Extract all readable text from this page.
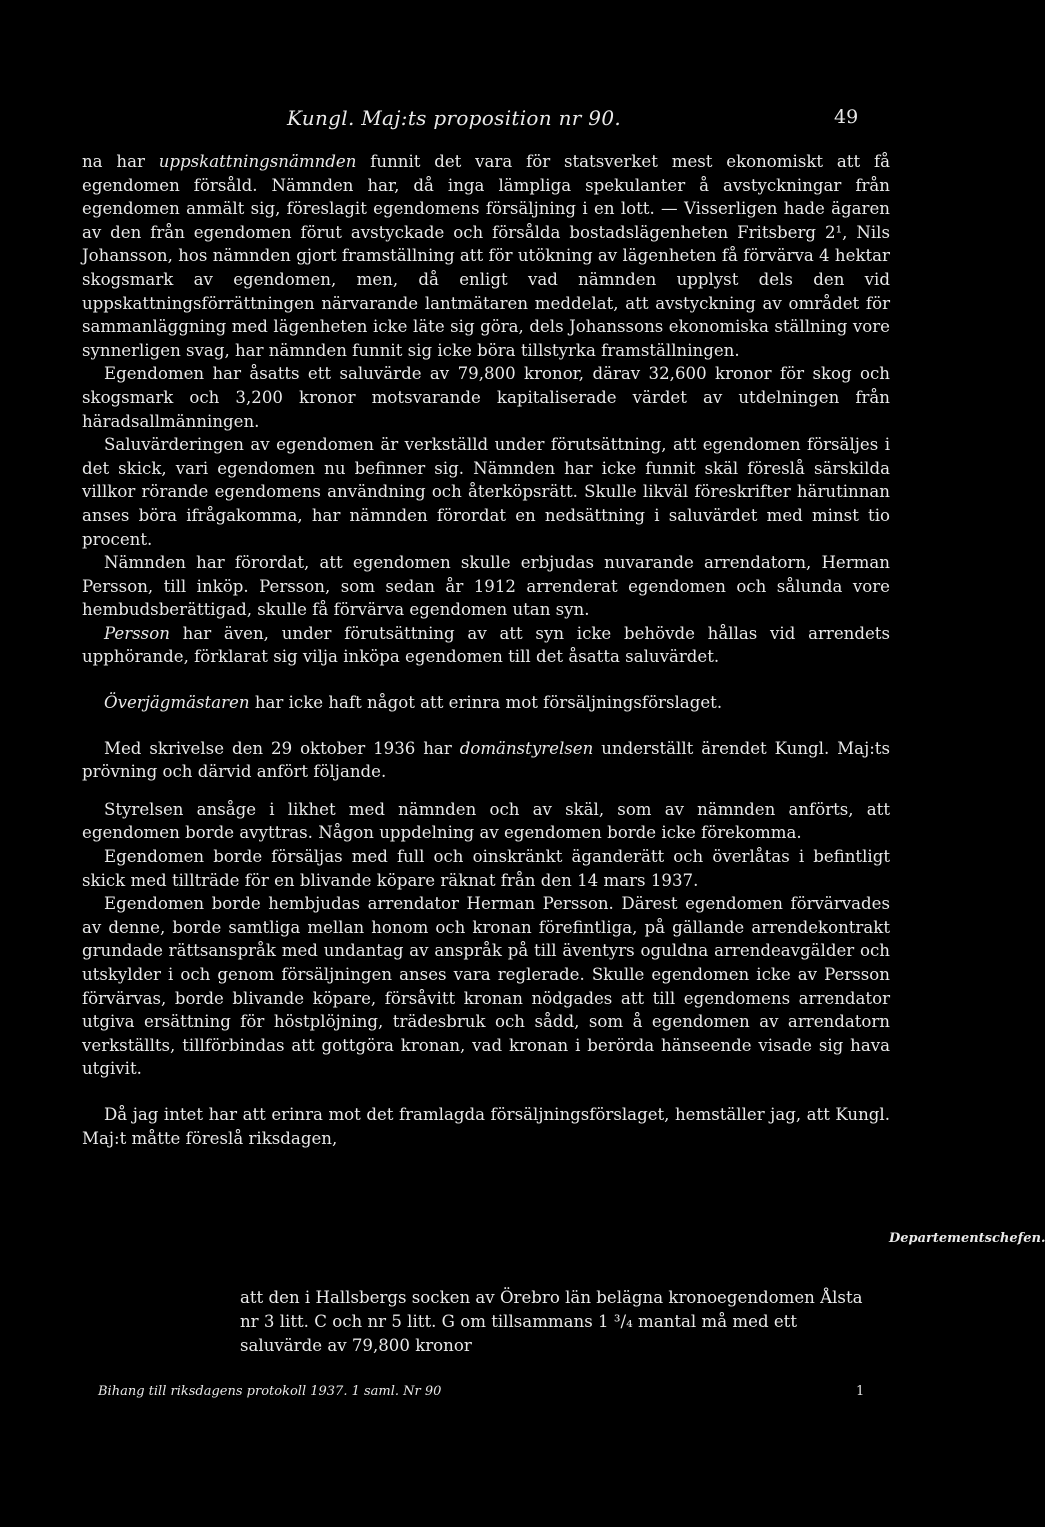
Kungl. Maj:ts proposition nr 90.	49

na har uppskattningsnämnden funnit det vara för statsverket mest ekonomiskt att få egendomen försåld. Nämnden har, då inga lämpliga spekulanter å avstyckningar från egendomen anmält sig, föreslagit egendomens försäljning i en lott. — Visserligen hade ägaren av den från egendomen förut avstyckade och försålda bostadslägenheten Fritsberg 2¹, Nils Johansson, hos nämnden gjort framställning att för utökning av lägenheten få förvärva 4 hektar skogsmark av egendomen, men, då enligt vad nämnden upplyst dels den vid uppskattningsförrättningen närvarande lantmätaren meddelat, att avstyckning av området för sammanläggning med lägenheten icke läte sig göra, dels Johanssons ekonomiska ställning vore synnerligen svag, har nämnden funnit sig icke böra tillstyrka framställningen.

Egendomen har åsatts ett saluvärde av 79,800 kronor, därav 32,600 kronor för skog och skogsmark och 3,200 kronor motsvarande kapitaliserade värdet av utdelningen från häradsallmänningen.

Saluvärderingen av egendomen är verkställd under förutsättning, att egendomen försäljes i det skick, vari egendomen nu befinner sig. Nämnden har icke funnit skäl föreslå särskilda villkor rörande egendomens användning och återköpsrätt. Skulle likväl föreskrifter härutinnan anses böra ifrågakomma, har nämnden förordat en nedsättning i saluvärdet med minst tio procent.

Nämnden har förordat, att egendomen skulle erbjudas nuvarande arrendatorn, Herman Persson, till inköp. Persson, som sedan år 1912 arrenderat egendomen och sålunda vore hembudsberättigad, skulle få förvärva egendomen utan syn.

Persson har även, under förutsättning av att syn icke behövde hållas vid arrendets upphörande, förklarat sig vilja inköpa egendomen till det åsatta saluvärdet.

Överjägmästaren har icke haft något att erinra mot försäljningsförslaget.

Med skrivelse den 29 oktober 1936 har domänstyrelsen underställt ärendet Kungl. Maj:ts prövning och därvid anfört följande.

Styrelsen ansåge i likhet med nämnden och av skäl, som av nämnden anförts, att egendomen borde avyttras. Någon uppdelning av egendomen borde icke förekomma.

Egendomen borde försäljas med full och oinskränkt äganderätt och överlåtas i befintligt skick med tillträde för en blivande köpare räknat från den 14 mars 1937.

Egendomen borde hembjudas arrendator Herman Persson. Därest egendomen förvärvades av denne, borde samtliga mellan honom och kronan förefintliga, på gällande arrendekontrakt grundade rättsanspråk med undantag av anspråk på till äventyrs oguldna arrendeavgälder och utskylder i och genom försäljningen anses vara reglerade. Skulle egendomen icke av Persson förvärvas, borde blivande köpare, försåvitt kronan nödgades att till egendomens arrendator utgiva ersättning för höstplöjning, trädesbruk och sådd, som å egendomen av arrendatorn verkställts, tillförbindas att gottgöra kronan, vad kronan i berörda hänseende visade sig hava utgivit.

Då jag intet har att erinra mot det framlagda försäljningsförslaget, hemställer jag, att Kungl. Maj:t måtte föreslå riksdagen,

Departementschefen.
att den i Hallsbergs socken av Örebro län belägna kronoegendomen Ålsta nr 3 litt. C och nr 5 litt. G om tillsammans 1 ³/₄ mantal må med ett saluvärde av 79,800 kronor
Bihang till riksdagens protokoll 1937. 1 saml. Nr 90	1
